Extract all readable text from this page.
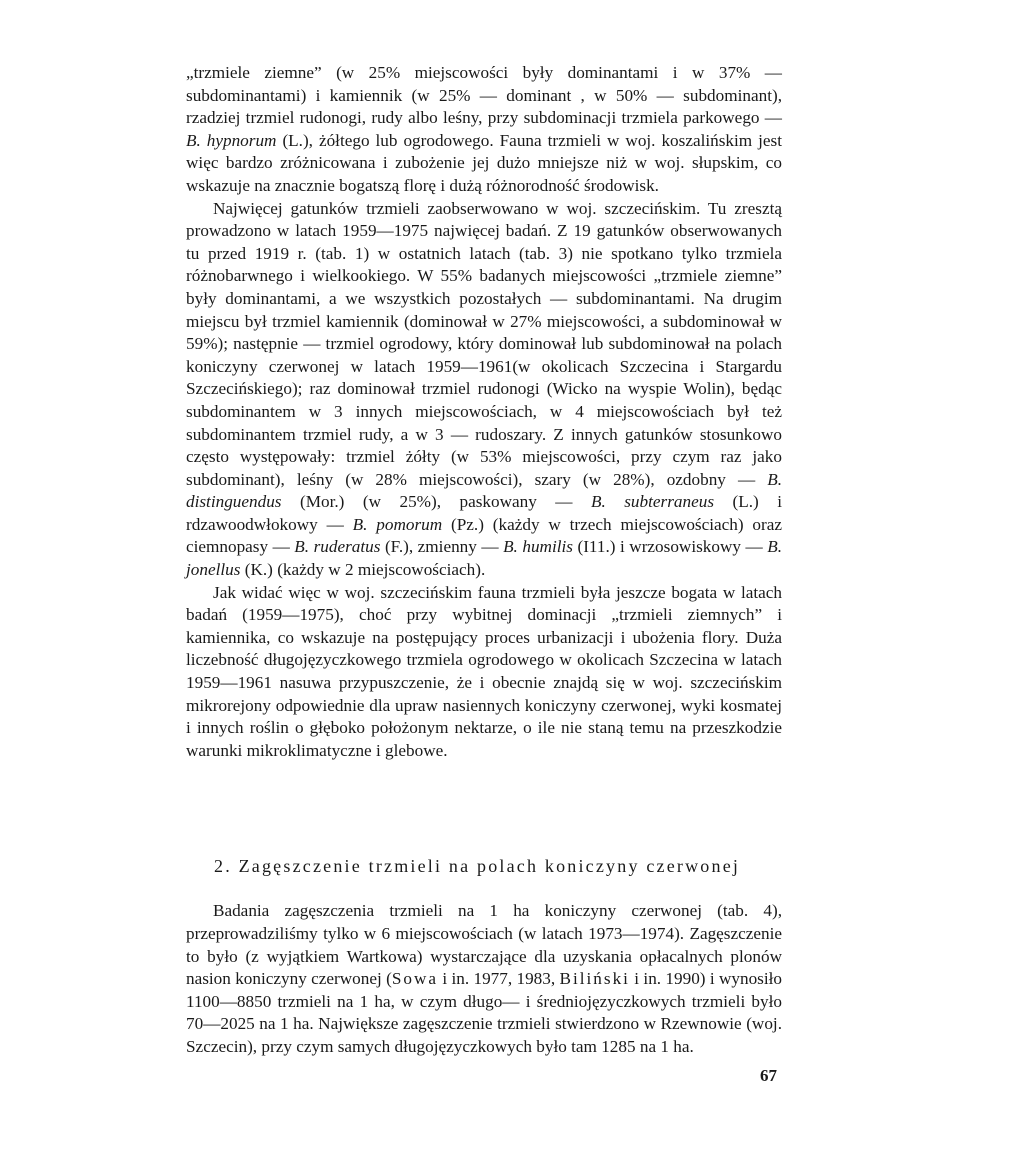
„trzmiele ziemne” (w 25% miejscowości były dominantami i w 37% — subdominantami) i kamiennik (w 25% — dominant , w 50% — subdominant), rzadziej trzmiel rudonogi, rudy albo leśny, przy subdominacji trzmiela parkowego — B. hypnorum (L.), żółtego lub ogrodowego. Fauna trzmieli w woj. koszalińskim jest więc bardzo zróżnicowana i zubożenie jej dużo mniejsze niż w woj. słupskim, co wskazuje na znacznie bogatszą florę i dużą różnorodność środowisk.

Najwięcej gatunków trzmieli zaobserwowano w woj. szczecińskim. Tu zresztą prowadzono w latach 1959—1975 najwięcej badań. Z 19 gatunków obserwowanych tu przed 1919 r. (tab. 1) w ostatnich latach (tab. 3) nie spotkano tylko trzmiela różnobarwnego i wielkookiego. W 55% badanych miejscowości „trzmiele ziemne” były dominantami, a we wszystkich pozostałych — subdominantami. Na drugim miejscu był trzmiel kamiennik (dominował w 27% miejscowości, a subdominował w 59%); następnie — trzmiel ogrodowy, który dominował lub subdominował na polach koniczyny czerwonej w latach 1959—1961(w okolicach Szczecina i Stargardu Szczecińskiego); raz dominował trzmiel rudonogi (Wicko na wyspie Wolin), będąc subdominantem w 3 innych miejscowościach, w 4 miejscowościach był też subdominantem trzmiel rudy, a w 3 — rudoszary. Z innych gatunków stosunkowo często występowały: trzmiel żółty (w 53% miejscowości, przy czym raz jako subdominant), leśny (w 28% miejscowości), szary (w 28%), ozdobny — B. distinguendus (Mor.) (w 25%), paskowany — B. subterraneus (L.) i rdzawoodwłokowy — B. pomorum (Pz.) (każdy w trzech miejscowościach) oraz ciemnopasy — B. ruderatus (F.), zmienny — B. humilis (I11.) i wrzosowiskowy — B. jonellus (K.) (każdy w 2 miejscowościach).

Jak widać więc w woj. szczecińskim fauna trzmieli była jeszcze bogata w latach badań (1959—1975), choć przy wybitnej dominacji „trzmieli ziemnych” i kamiennika, co wskazuje na postępujący proces urbanizacji i ubożenia flory. Duża liczebność długojęzyczkowego trzmiela ogrodowego w okolicach Szczecina w latach 1959—1961 nasuwa przypuszczenie, że i obecnie znajdą się w woj. szczecińskim mikrorejony odpowiednie dla upraw nasiennych koniczyny czerwonej, wyki kosmatej i innych roślin o głęboko położonym nektarze, o ile nie staną temu na przeszkodzie warunki mikroklimatyczne i glebowe.

2. Zagęszczenie trzmieli na polach koniczyny czerwonej

Badania zagęszczenia trzmieli na 1 ha koniczyny czerwonej (tab. 4), przeprowadziliśmy tylko w 6 miejscowościach (w latach 1973—1974). Zagęszczenie to było (z wyjątkiem Wartkowa) wystarczające dla uzyskania opłacalnych plonów nasion koniczyny czerwonej (Sowa i in. 1977, 1983, Biliński i in. 1990) i wynosiło 1100—8850 trzmieli na 1 ha, w czym długo— i średniojęzyczkowych trzmieli było 70—2025 na 1 ha. Największe zagęszczenie trzmieli stwierdzono w Rzewnowie (woj. Szczecin), przy czym samych długojęzyczkowych było tam 1285 na 1 ha.

67
